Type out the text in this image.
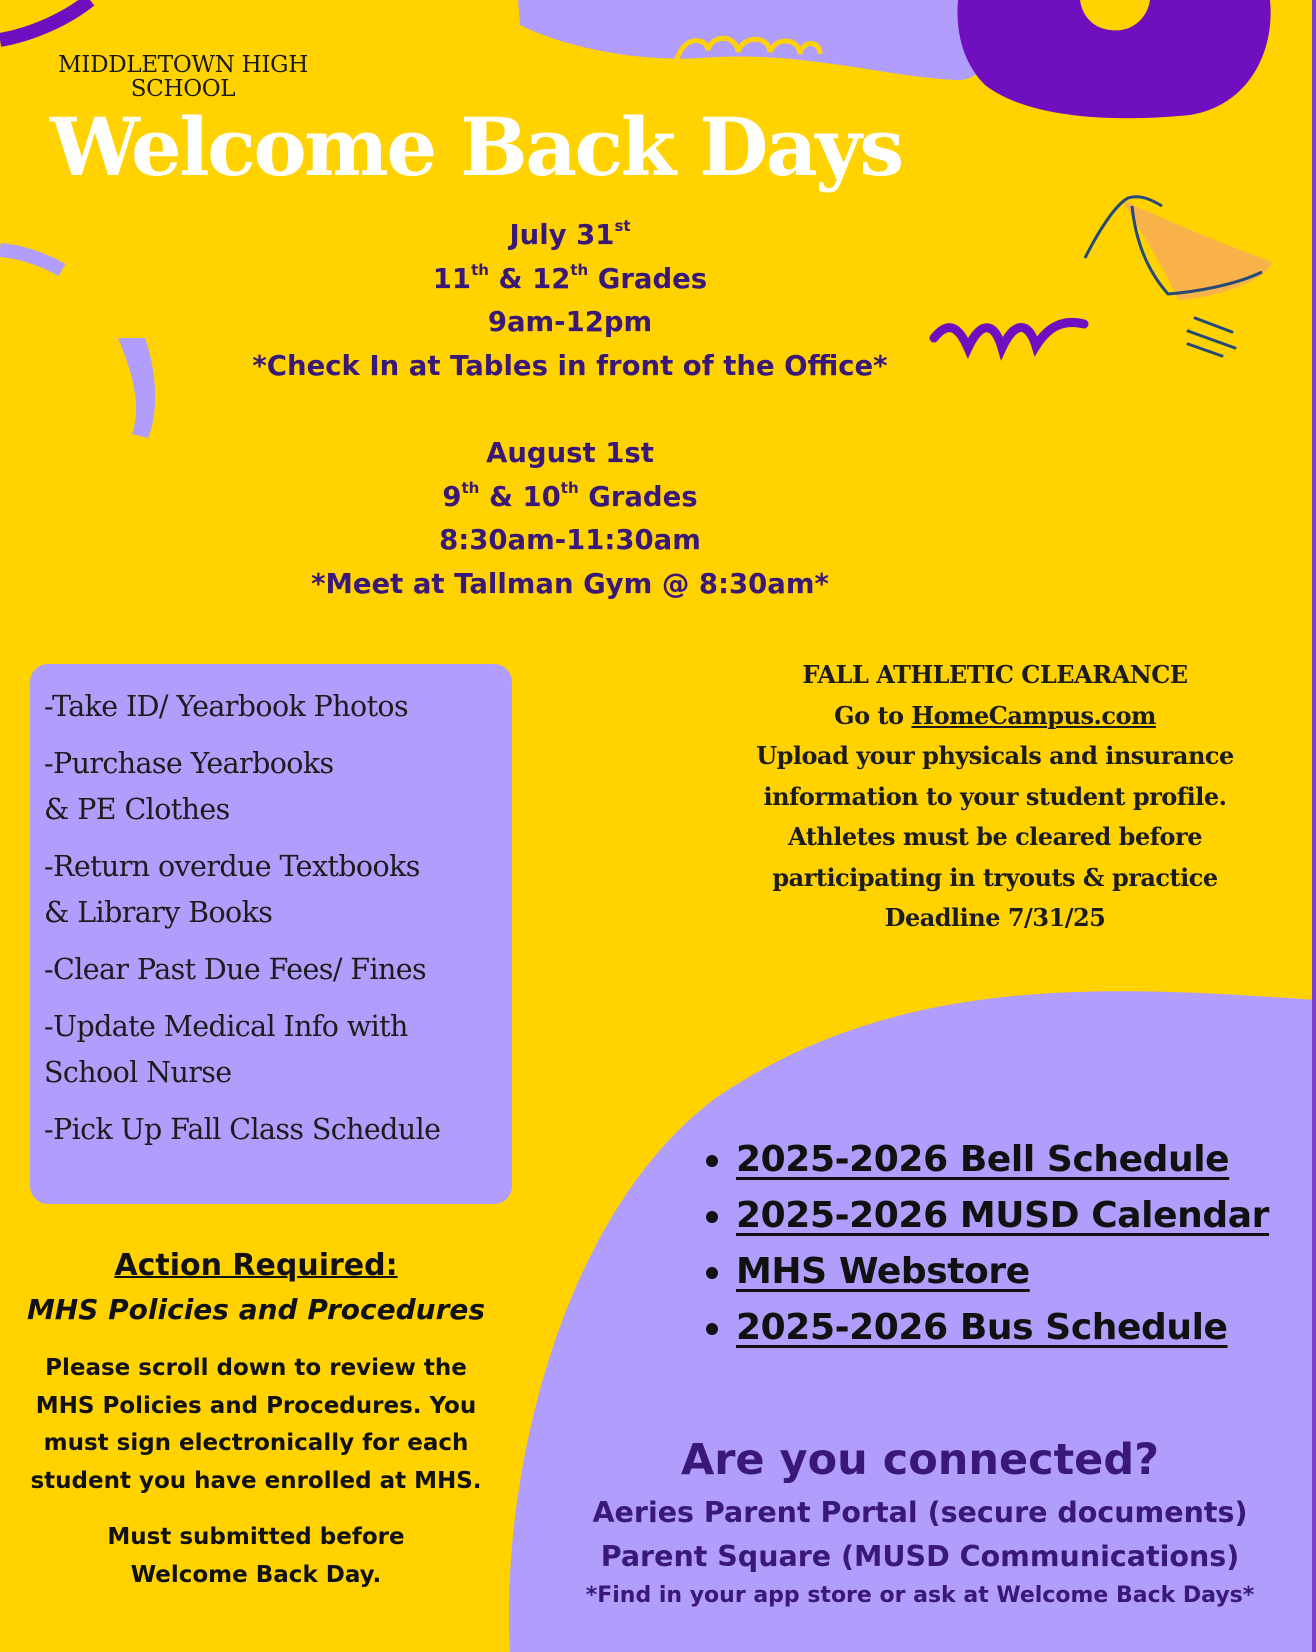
MIDDLETOWN HIGH
SCHOOL
Welcome Back Days

July 31st

11th & 12th Grades

9am-12pm

*Check In at Tables in front of the Office*

August 1st

9th & 10th Grades

8:30am-11:30am

*Meet at Tallman Gym @ 8:30am*

-Take ID/ Yearbook Photos
-Purchase Yearbooks
& PE Clothes
-Return overdue Textbooks
& Library Books
-Clear Past Due Fees/ Fines
-Update Medical Info with
School Nurse
-Pick Up Fall Class Schedule

FALL ATHLETIC CLEARANCE

Go to HomeCampus.com

Upload your physicals and insurance

information to your student profile.

Athletes must be cleared before

participating in tryouts & practice

Deadline 7/31/25

2025-2026 Bell Schedule
2025-2026 MUSD Calendar
MHS Webstore
2025-2026 Bus Schedule

Are you connected?

Aeries Parent Portal (secure documents)

Parent Square (MUSD Communications)

*Find in your app store or ask at Welcome Back Days*

Action Required:

MHS Policies and Procedures

Please scroll down to review the

MHS Policies and Procedures. You

must sign electronically for each

student you have enrolled at MHS.

Must submitted before

Welcome Back Day.
